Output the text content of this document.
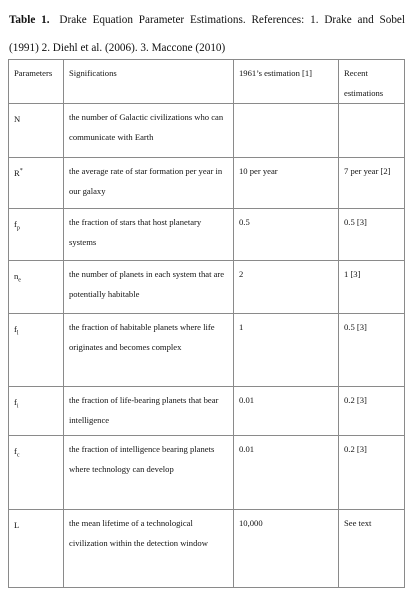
Table 1. Drake Equation Parameter Estimations. References: 1. Drake and Sobel (1991) 2. Diehl et al. (2006). 3. Maccone (2010)
Parameters	Significations	1961’s estimation [1]	Recent estimations
N	the number of Galactic civilizations who can communicate with Earth		
R*	the average rate of star formation per year in our galaxy	10 per year	7 per year [2]
$f_p$	the fraction of stars that host planetary systems	0.5	0.5 [3]
$n_e$	the number of planets in each system that are potentially habitable	2	1 [3]
$f_l$	the fraction of habitable planets where life originates and becomes complex	1	0.5 [3]
$f_i$	the fraction of life-bearing planets that bear intelligence	0.01	0.2 [3]
$f_c$	the fraction of intelligence bearing planets where technology can develop	0.01	0.2 [3]
L	the mean lifetime of a technological civilization within the detection window	10,000	See text
